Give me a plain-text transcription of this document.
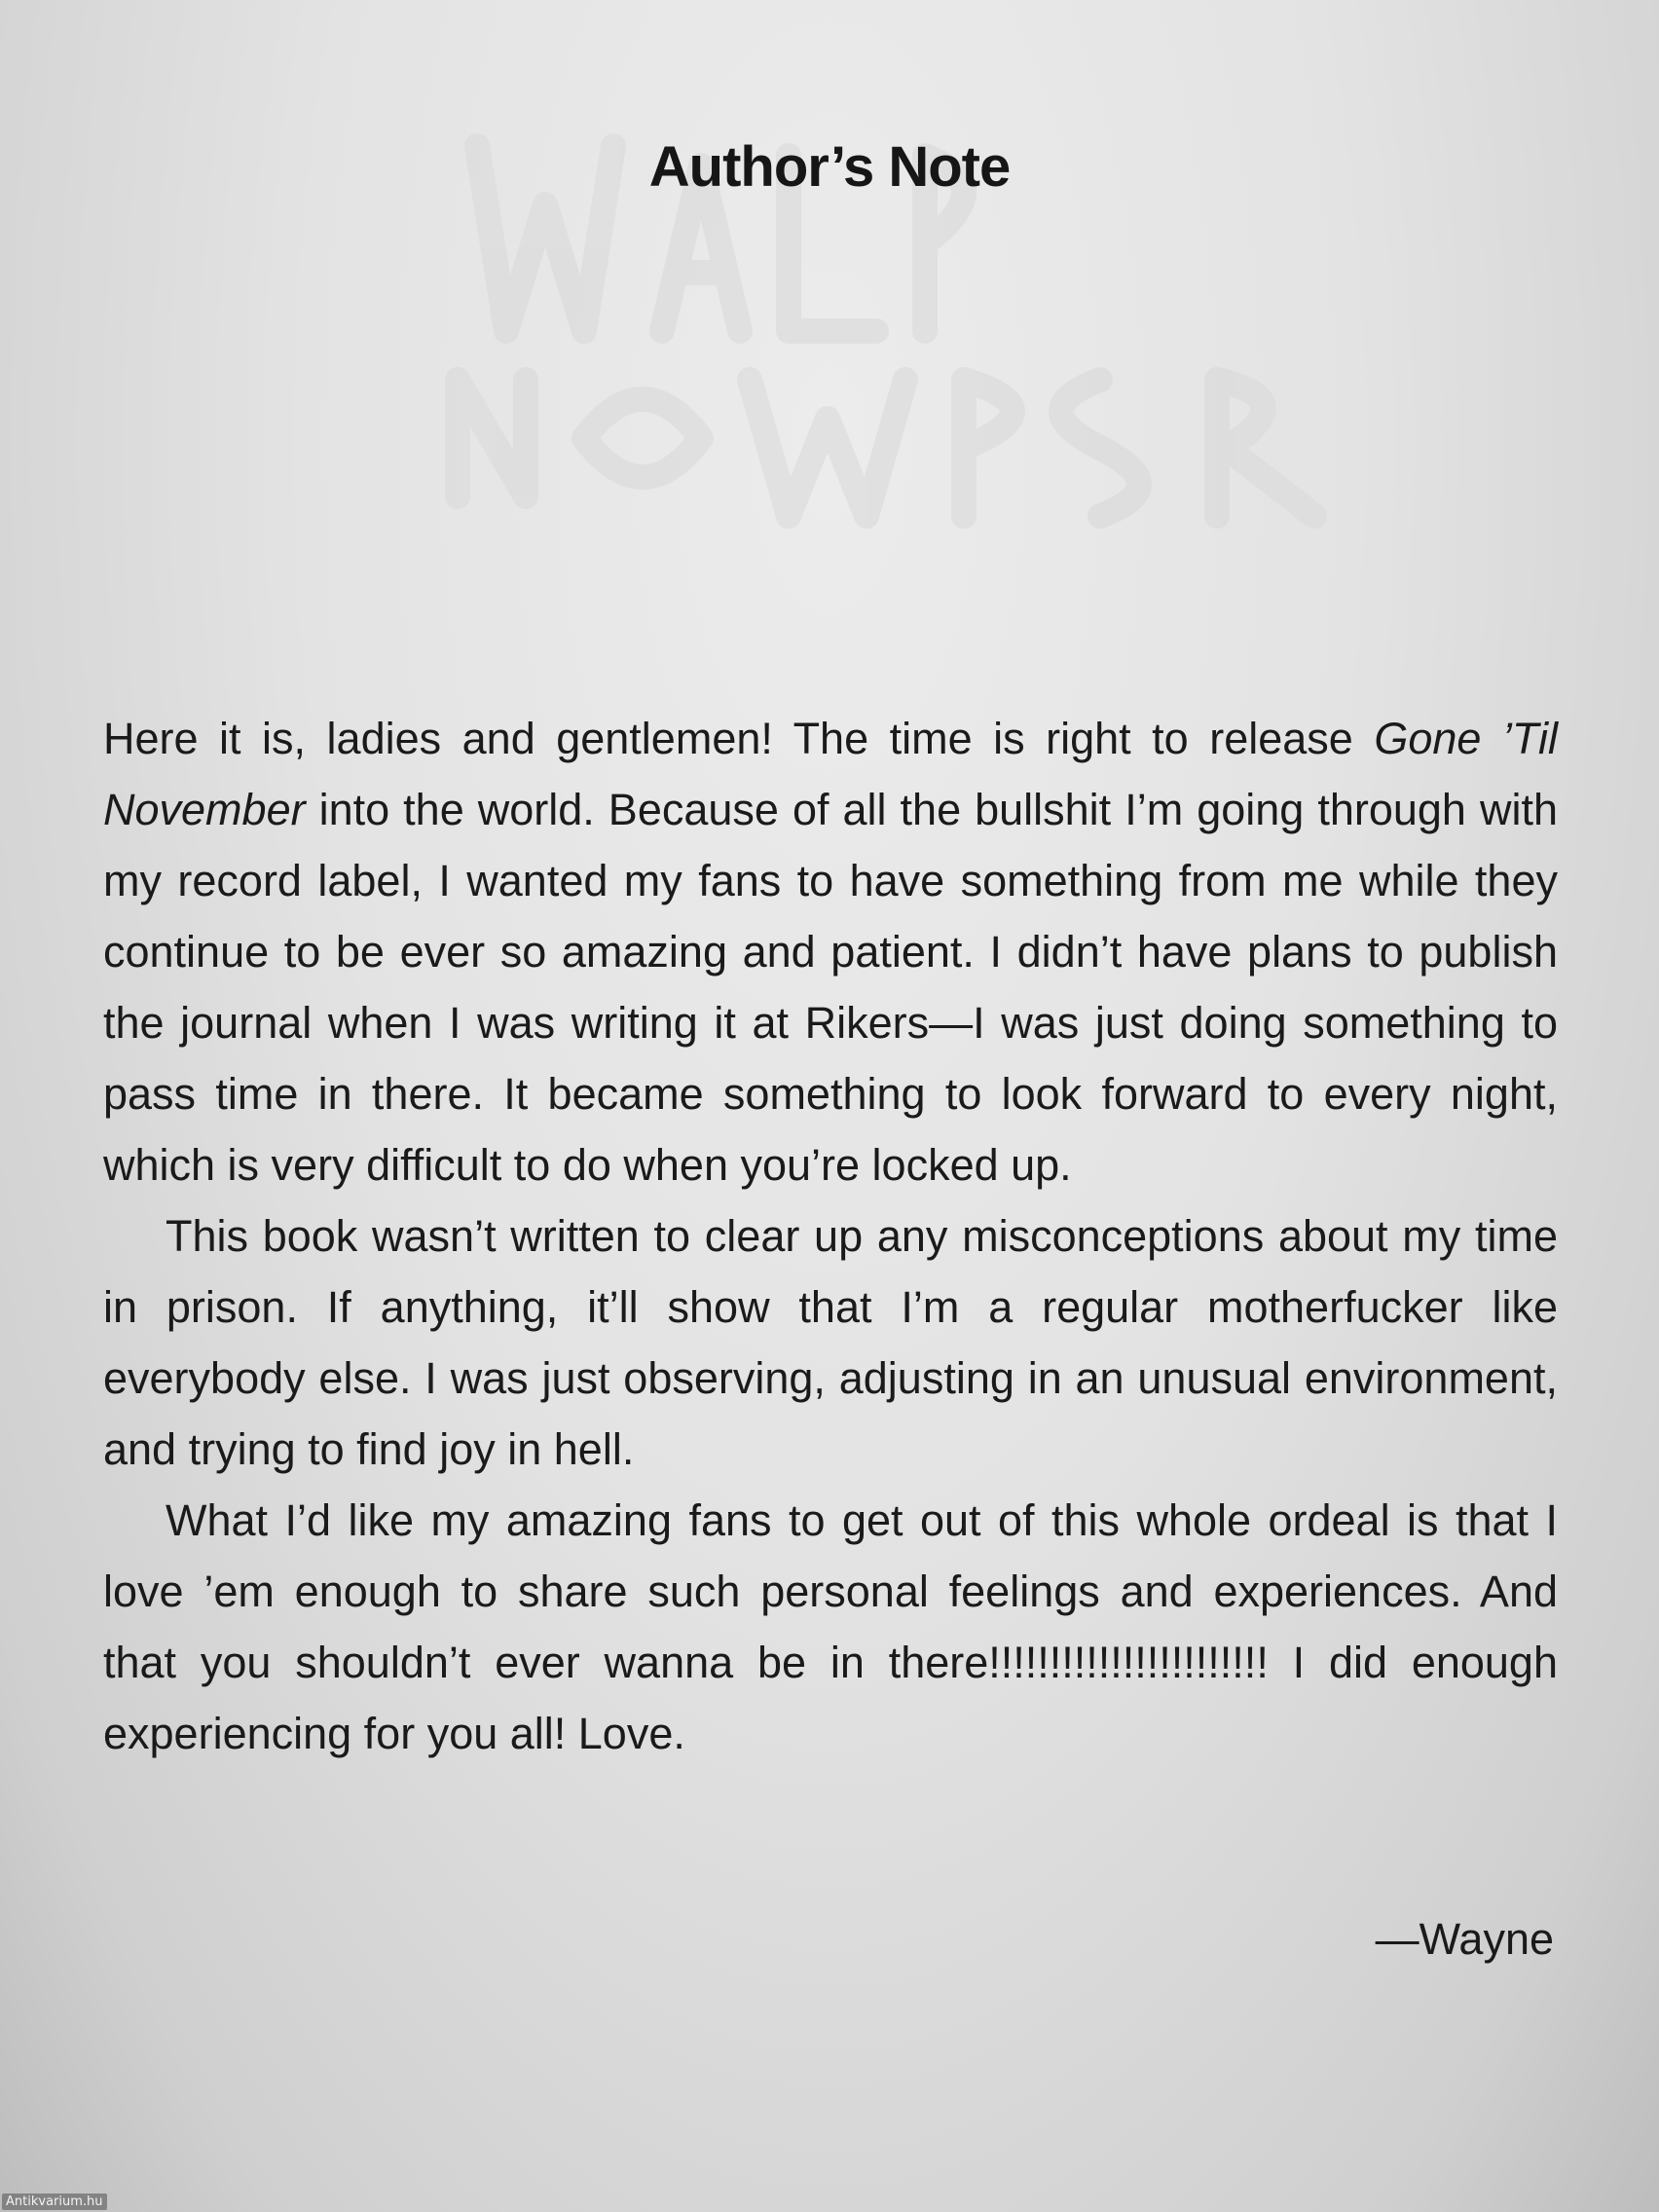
Author’s Note

Here it is, ladies and gentlemen! The time is right to release Gone ’Til November into the world. Because of all the bullshit I’m going through with my record label, I wanted my fans to have something from me while they continue to be ever so amazing and patient. I didn’t have plans to publish the journal when I was writing it at Rikers—I was just doing something to pass time in there. It became something to look forward to every night, which is very difficult to do when you’re locked up.

This book wasn’t written to clear up any misconceptions about my time in prison. If anything, it’ll show that I’m a regular motherfucker like everybody else. I was just observing, adjusting in an unusual environment, and trying to find joy in hell.

What I’d like my amazing fans to get out of this whole ordeal is that I love ’em enough to share such personal feelings and experiences. And that you shouldn’t ever wanna be in there!!!!!!!!!!!!!!!!!!!!!!! I did enough experiencing for you all! Love.

—Wayne
Antikvarium.hu
